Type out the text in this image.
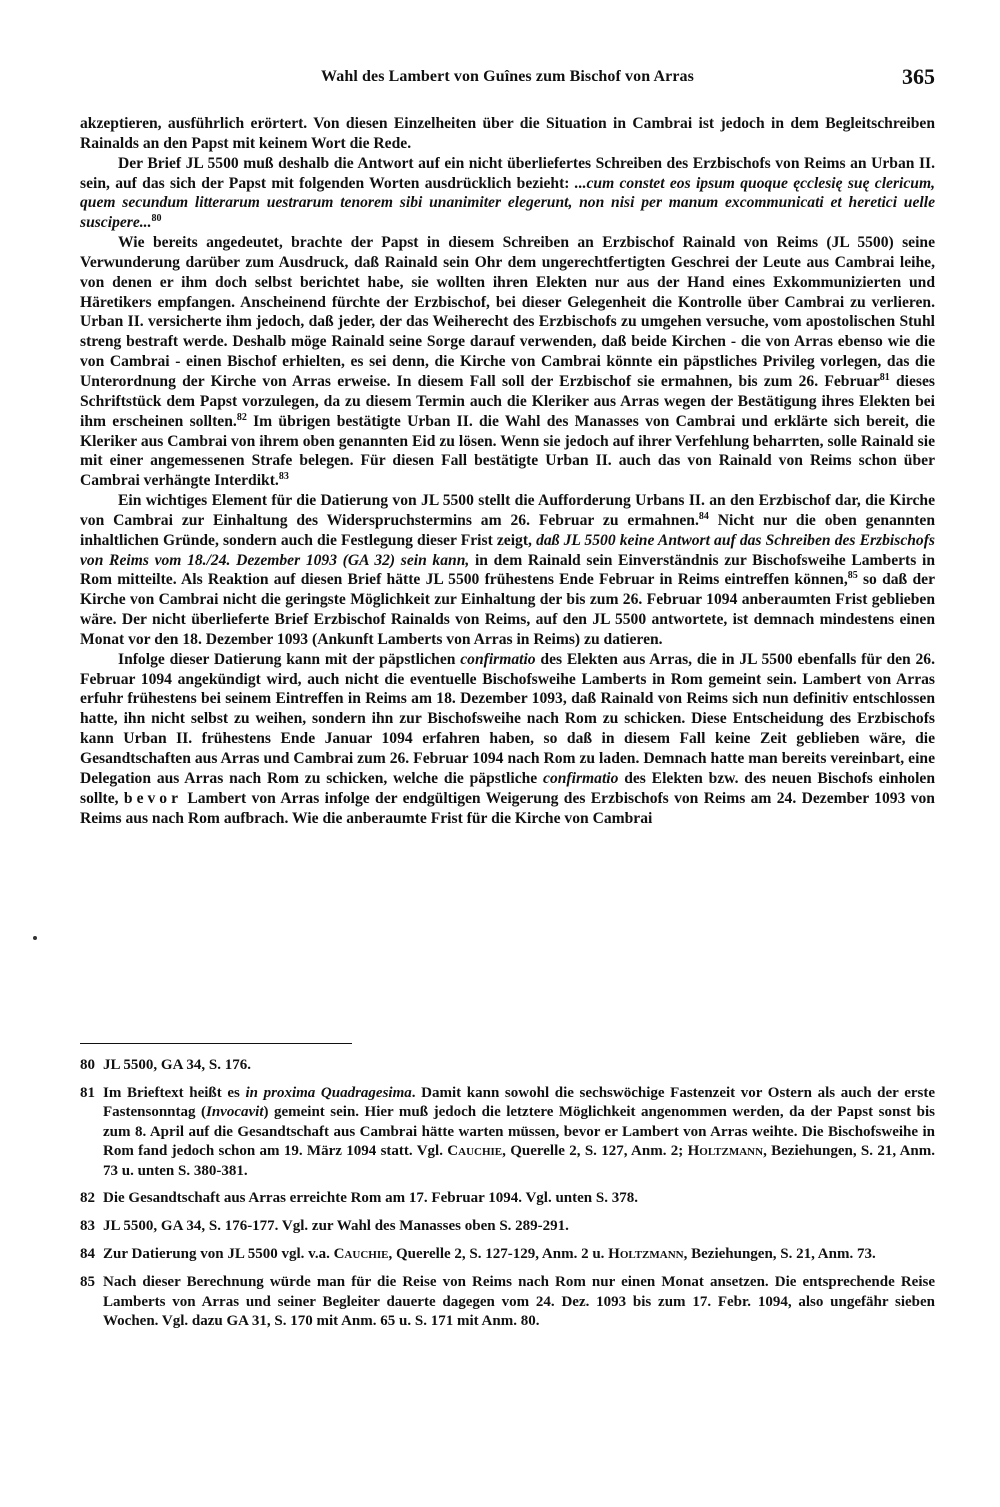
Wahl des Lambert von Guînes zum Bischof von Arras	365

akzeptieren, ausführlich erörtert. Von diesen Einzelheiten über die Situation in Cambrai ist jedoch in dem Begleitschreiben Rainalds an den Papst mit keinem Wort die Rede.

Der Brief JL 5500 muß deshalb die Antwort auf ein nicht überliefertes Schreiben des Erzbischofs von Reims an Urban II. sein, auf das sich der Papst mit folgenden Worten ausdrücklich bezieht: ...cum constet eos ipsum quoque ęcclesię suę clericum, quem secundum litterarum uestrarum tenorem sibi unanimiter elegerunt, non nisi per manum excommunicati et heretici uelle suscipere...$^{80}$

Wie bereits angedeutet, brachte der Papst in diesem Schreiben an Erzbischof Rainald von Reims (JL 5500) seine Verwunderung darüber zum Ausdruck, daß Rainald sein Ohr dem ungerechtfertigten Geschrei der Leute aus Cambrai leihe, von denen er ihm doch selbst berichtet habe, sie wollten ihren Elekten nur aus der Hand eines Exkommunizierten und Häretikers empfangen. Anscheinend fürchte der Erzbischof, bei dieser Gelegenheit die Kontrolle über Cambrai zu verlieren. Urban II. versicherte ihm jedoch, daß jeder, der das Weiherecht des Erzbischofs zu umgehen versuche, vom apostolischen Stuhl streng bestraft werde. Deshalb möge Rainald seine Sorge darauf verwenden, daß beide Kirchen - die von Arras ebenso wie die von Cambrai - einen Bischof erhielten, es sei denn, die Kirche von Cambrai könnte ein päpstliches Privileg vorlegen, das die Unterordnung der Kirche von Arras erweise. In diesem Fall soll der Erzbischof sie ermahnen, bis zum 26. Februar$^{81}$ dieses Schriftstück dem Papst vorzulegen, da zu diesem Termin auch die Kleriker aus Arras wegen der Bestätigung ihres Elekten bei ihm erscheinen sollten.$^{82}$ Im übrigen bestätigte Urban II. die Wahl des Manasses von Cambrai und erklärte sich bereit, die Kleriker aus Cambrai von ihrem oben genannten Eid zu lösen. Wenn sie jedoch auf ihrer Verfehlung beharrten, solle Rainald sie mit einer angemessenen Strafe belegen. Für diesen Fall bestätigte Urban II. auch das von Rainald von Reims schon über Cambrai verhängte Interdikt.$^{83}$

Ein wichtiges Element für die Datierung von JL 5500 stellt die Aufforderung Urbans II. an den Erzbischof dar, die Kirche von Cambrai zur Einhaltung des Widerspruchstermins am 26. Februar zu ermahnen.$^{84}$ Nicht nur die oben genannten inhaltlichen Gründe, sondern auch die Festlegung dieser Frist zeigt, daß JL 5500 keine Antwort auf das Schreiben des Erzbischofs von Reims vom 18./24. Dezember 1093 (GA 32) sein kann, in dem Rainald sein Einverständnis zur Bischofsweihe Lamberts in Rom mitteilte. Als Reaktion auf diesen Brief hätte JL 5500 frühestens Ende Februar in Reims eintreffen können,$^{85}$ so daß der Kirche von Cambrai nicht die geringste Möglichkeit zur Einhaltung der bis zum 26. Februar 1094 anberaumten Frist geblieben wäre. Der nicht überlieferte Brief Erzbischof Rainalds von Reims, auf den JL 5500 antwortete, ist demnach mindestens einen Monat vor den 18. Dezember 1093 (Ankunft Lamberts von Arras in Reims) zu datieren.

Infolge dieser Datierung kann mit der päpstlichen confirmatio des Elekten aus Arras, die in JL 5500 ebenfalls für den 26. Februar 1094 angekündigt wird, auch nicht die eventuelle Bischofsweihe Lamberts in Rom gemeint sein. Lambert von Arras erfuhr frühestens bei seinem Eintreffen in Reims am 18. Dezember 1093, daß Rainald von Reims sich nun definitiv entschlossen hatte, ihn nicht selbst zu weihen, sondern ihn zur Bischofsweihe nach Rom zu schicken. Diese Entscheidung des Erzbischofs kann Urban II. frühestens Ende Januar 1094 erfahren haben, so daß in diesem Fall keine Zeit geblieben wäre, die Gesandtschaften aus Arras und Cambrai zum 26. Februar 1094 nach Rom zu laden. Demnach hatte man bereits vereinbart, eine Delegation aus Arras nach Rom zu schicken, welche die päpstliche confirmatio des Elekten bzw. des neuen Bischofs einholen sollte, bevor Lambert von Arras infolge der endgültigen Weigerung des Erzbischofs von Reims am 24. Dezember 1093 von Reims aus nach Rom aufbrach. Wie die anberaumte Frist für die Kirche von Cambrai

80 JL 5500, GA 34, S. 176.

81 Im Brieftext heißt es in proxima Quadragesima. Damit kann sowohl die sechswöchige Fastenzeit vor Ostern als auch der erste Fastensonntag (Invocavit) gemeint sein. Hier muß jedoch die letztere Möglichkeit angenommen werden, da der Papst sonst bis zum 8. April auf die Gesandtschaft aus Cambrai hätte warten müssen, bevor er Lambert von Arras weihte. Die Bischofsweihe in Rom fand jedoch schon am 19. März 1094 statt. Vgl. Cauchie, Querelle 2, S. 127, Anm. 2; Holtzmann, Beziehungen, S. 21, Anm. 73 u. unten S. 380-381.

82 Die Gesandtschaft aus Arras erreichte Rom am 17. Februar 1094. Vgl. unten S. 378.

83 JL 5500, GA 34, S. 176-177. Vgl. zur Wahl des Manasses oben S. 289-291.

84 Zur Datierung von JL 5500 vgl. v.a. Cauchie, Querelle 2, S. 127-129, Anm. 2 u. Holtzmann, Beziehungen, S. 21, Anm. 73.

85 Nach dieser Berechnung würde man für die Reise von Reims nach Rom nur einen Monat ansetzen. Die entsprechende Reise Lamberts von Arras und seiner Begleiter dauerte dagegen vom 24. Dez. 1093 bis zum 17. Febr. 1094, also ungefähr sieben Wochen. Vgl. dazu GA 31, S. 170 mit Anm. 65 u. S. 171 mit Anm. 80.
